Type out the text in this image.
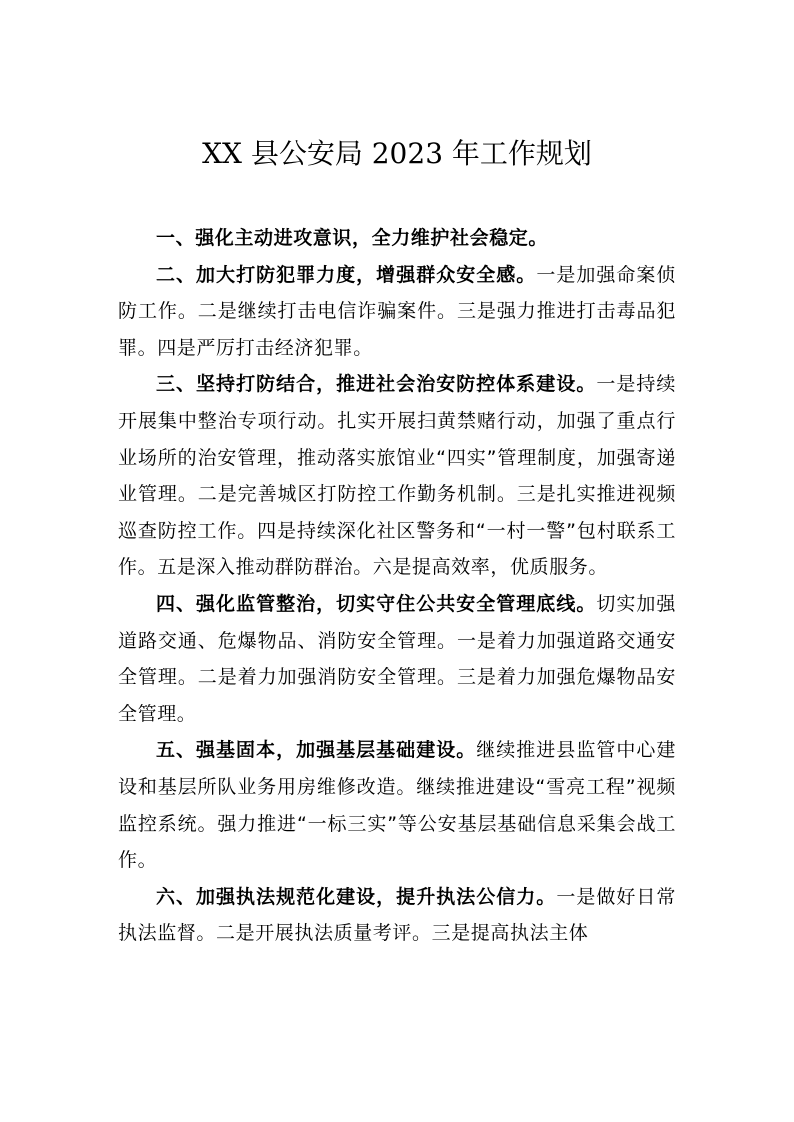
XX 县公安局 2023 年工作规划

一、强化主动进攻意识，全力维护社会稳定。

二、加大打防犯罪力度，增强群众安全感。一是加强命案侦防工作。二是继续打击电信诈骗案件。三是强力推进打击毒品犯罪。四是严厉打击经济犯罪。

三、坚持打防结合，推进社会治安防控体系建设。一是持续开展集中整治专项行动。扎实开展扫黄禁赌行动，加强了重点行业场所的治安管理，推动落实旅馆业“四实”管理制度，加强寄递业管理。二是完善城区打防控工作勤务机制。三是扎实推进视频巡查防控工作。四是持续深化社区警务和“一村一警”包村联系工作。五是深入推动群防群治。六是提高效率，优质服务。

四、强化监管整治，切实守住公共安全管理底线。切实加强道路交通、危爆物品、消防安全管理。一是着力加强道路交通安全管理。二是着力加强消防安全管理。三是着力加强危爆物品安全管理。

五、强基固本，加强基层基础建设。继续推进县监管中心建设和基层所队业务用房维修改造。继续推进建设“雪亮工程”视频监控系统。强力推进“一标三实”等公安基层基础信息采集会战工作。

六、加强执法规范化建设，提升执法公信力。一是做好日常执法监督。二是开展执法质量考评。三是提高执法主体
